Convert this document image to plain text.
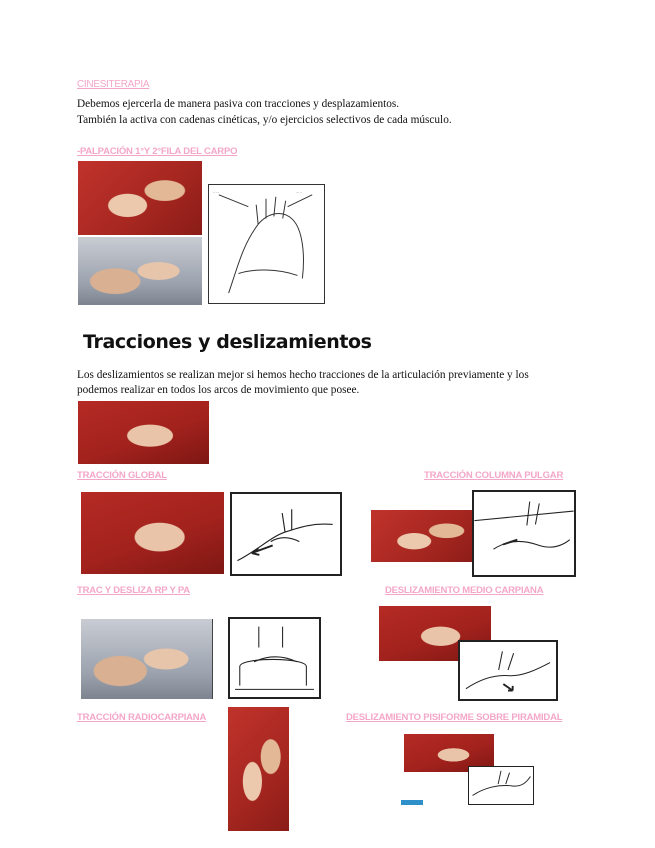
CINESITERAPIA
Debemos ejercerla de manera pasiva con tracciones y desplazamientos.
También la activa con cadenas cinéticas, y/o ejercicios selectivos de cada músculo.
-PALPACIÓN 1°Y 2°FILA DEL CARPO
·····	·····
Tracciones y deslizamientos
Los deslizamientos se realizan mejor si hemos hecho tracciones de la articulación previamente y los
podemos realizar en todos los arcos de movimiento que posee.
TRACCIÓN GLOBAL	TRACCIÓN COLUMNA PULGAR
TRAC Y DESLIZA RP Y PA	DESLIZAMIENTO MEDIO CARPIANA
TRACCIÓN RADIOCARPIANA	DESLIZAMIENTO PISIFORME SOBRE PIRAMIDAL
